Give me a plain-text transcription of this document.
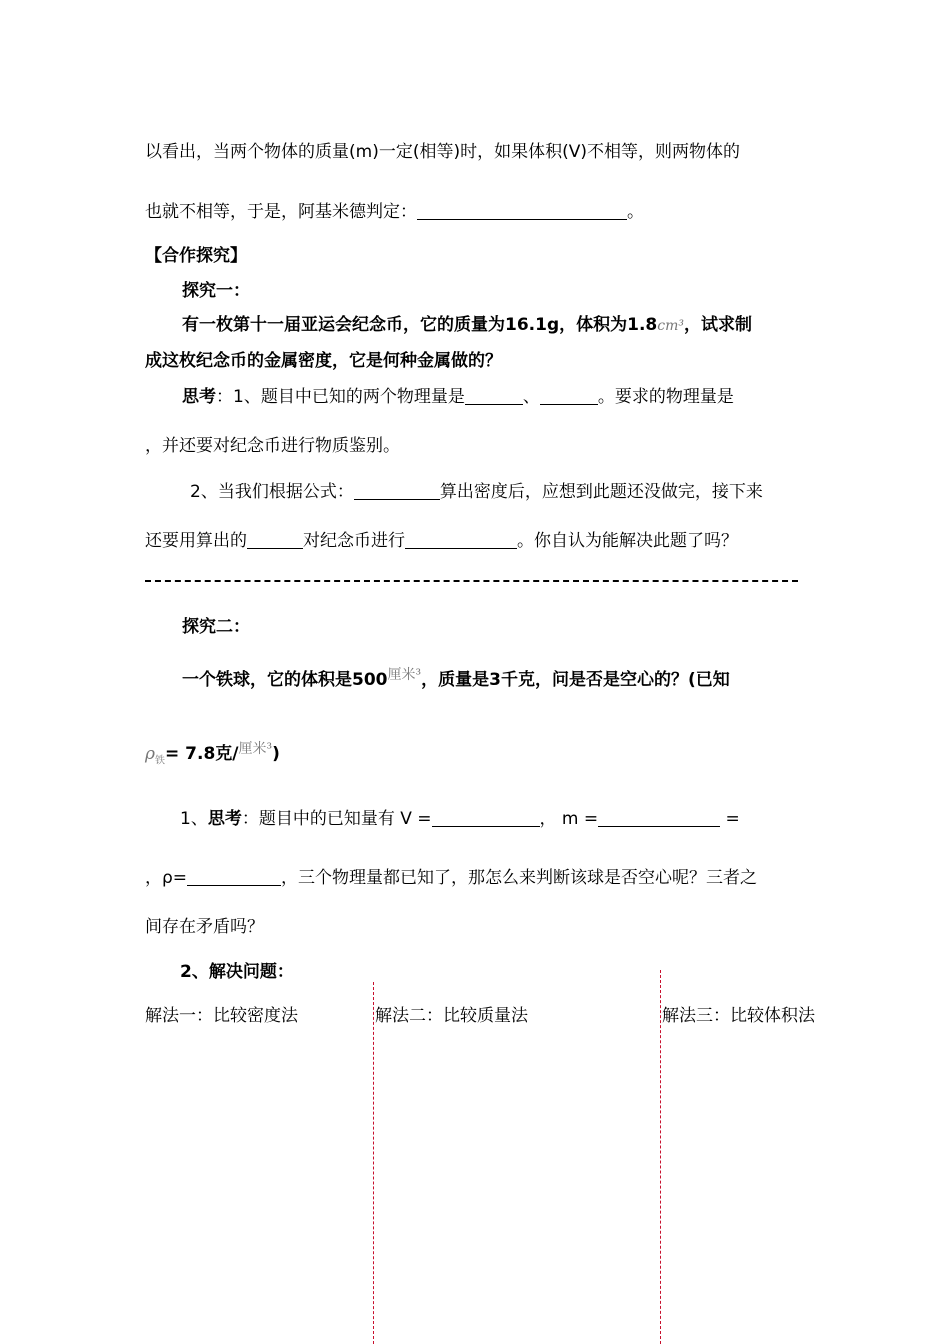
以看出，当两个物体的质量(m)一定(相等)时，如果体积(V)不相等，则两物体的
也就不相等，于是，阿基米德判定：	。
【合作探究】
探究一：
有一枚第十一届亚运会纪念币，它的质量为16.1g，体积为1.8cm³，试求制
成这枚纪念币的金属密度，它是何种金属做的？
思考：1、题目中已知的两个物理量是	、	。要求的物理量是
，并还要对纪念币进行物质鉴别。
2、当我们根据公式：	算出密度后，应想到此题还没做完，接下来
还要用算出的	对纪念币进行	。你自认为能解决此题了吗？
探究二：
一个铁球，它的体积是$500^{厘米^3}$，质量是3千克，问是否是空心的？(已知
$\rho_铁= 7.8$克/$^{厘米^3}$)
1、思考：题目中的已知量有 V =	， m =	=
，ρ=	，三个物理量都已知了，那怎么来判断该球是否空心呢？三者之
间存在矛盾吗？
2、解决问题：
解法一：比较密度法	解法二：比较质量法	解法三：比较体积法
